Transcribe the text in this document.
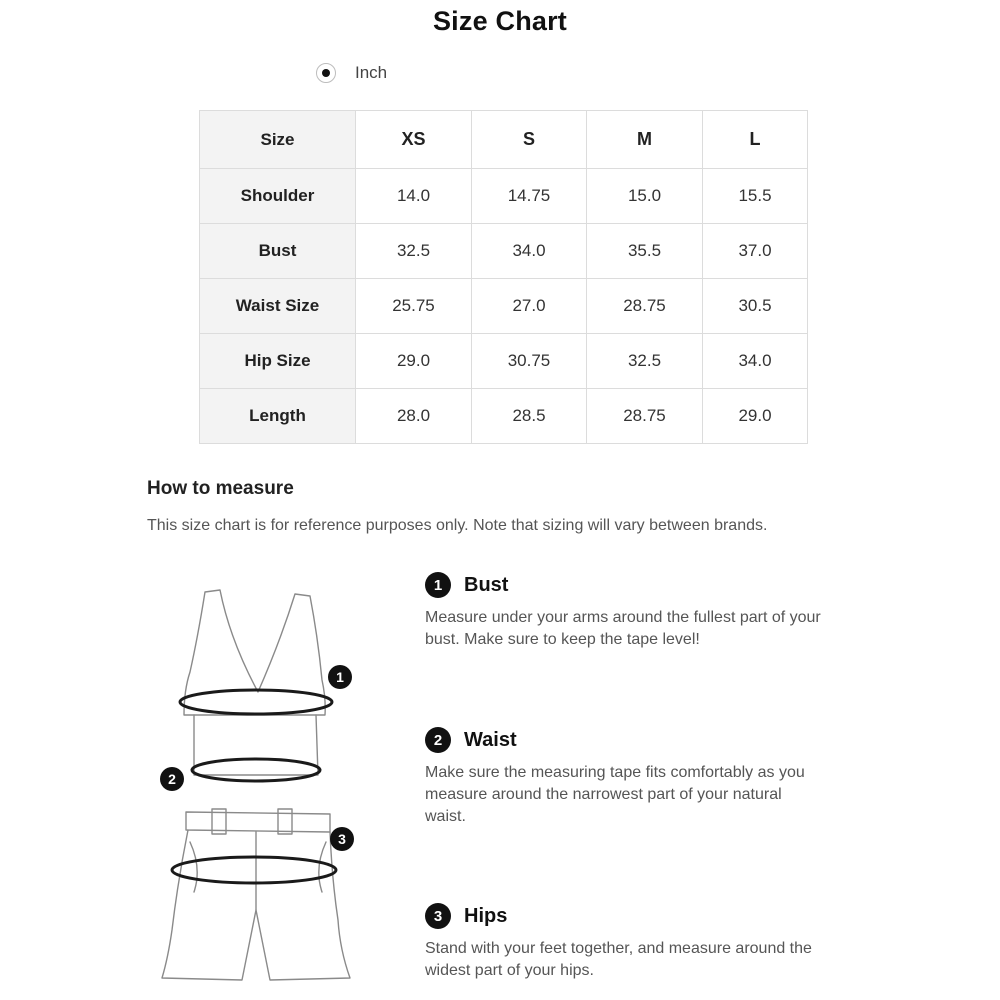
Size Chart
Inch
Size	XS	S	M	L
Shoulder	14.0	14.75	15.0	15.5
Bust	32.5	34.0	35.5	37.0
Waist Size	25.75	27.0	28.75	30.5
Hip Size	29.0	30.75	32.5	34.0
Length	28.0	28.5	28.75	29.0
How to measure
This size chart is for reference purposes only. Note that sizing will vary between brands.
1
2
3
1	Bust
Measure under your arms around the fullest part of your
bust. Make sure to keep the tape level!
2	Waist
Make sure the measuring tape fits comfortably as you
measure around the narrowest part of your natural
waist.
3	Hips
Stand with your feet together, and measure around the
widest part of your hips.
